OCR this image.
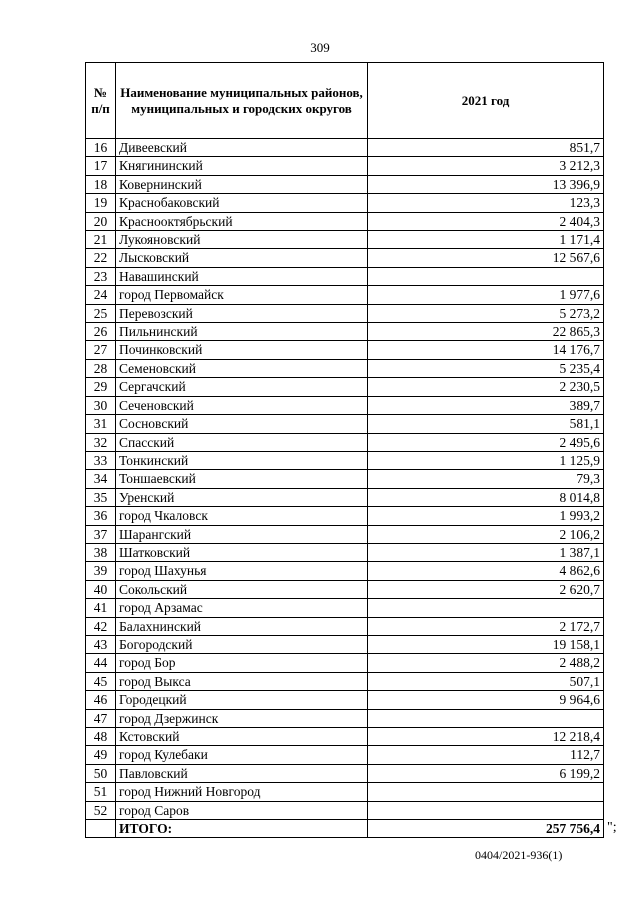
309
№ п/п	Наименование муниципальных районов, муниципальных и городских округов	2021 год
16	Дивеевский	851,7
17	Княгининский	3 212,3
18	Ковернинский	13 396,9
19	Краснобаковский	123,3
20	Краснооктябрьский	2 404,3
21	Лукояновский	1 171,4
22	Лысковский	12 567,6
23	Навашинский	
24	город Первомайск	1 977,6
25	Перевозский	5 273,2
26	Пильнинский	22 865,3
27	Починковский	14 176,7
28	Семеновский	5 235,4
29	Сергачский	2 230,5
30	Сеченовский	389,7
31	Сосновский	581,1
32	Спасский	2 495,6
33	Тонкинский	1 125,9
34	Тоншаевский	79,3
35	Уренский	8 014,8
36	город Чкаловск	1 993,2
37	Шарангский	2 106,2
38	Шатковский	1 387,1
39	город Шахунья	4 862,6
40	Сокольский	2 620,7
41	город Арзамас	
42	Балахнинский	2 172,7
43	Богородский	19 158,1
44	город Бор	2 488,2
45	город Выкса	507,1
46	Городецкий	9 964,6
47	город Дзержинск	
48	Кстовский	12 218,4
49	город Кулебаки	112,7
50	Павловский	6 199,2
51	город Нижний Новгород	
52	город Саров	
	ИТОГО:	257 756,4 ";
0404/2021-936(1)
